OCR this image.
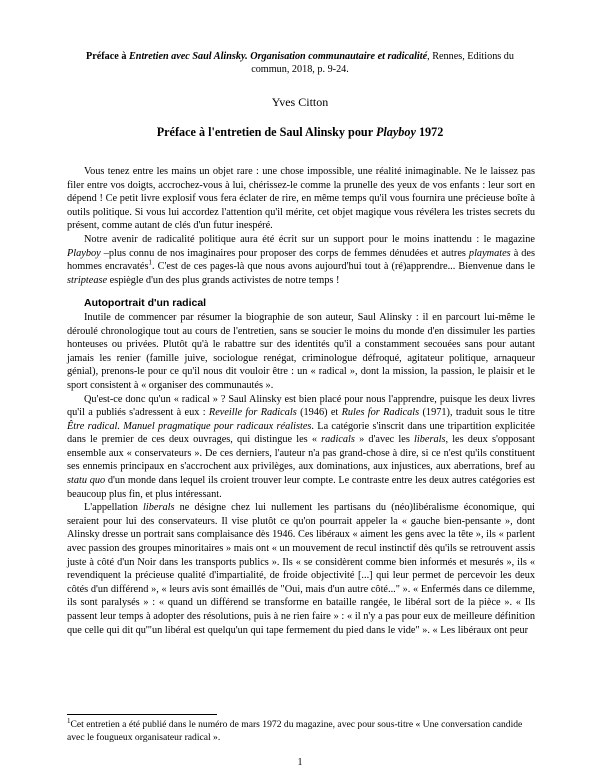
Préface à Entretien avec Saul Alinsky. Organisation communautaire et radicalité, Rennes, Editions du commun, 2018, p. 9-24.
Yves Citton
Préface à l'entretien de Saul Alinsky pour Playboy 1972

Vous tenez entre les mains un objet rare : une chose impossible, une réalité inimaginable. Ne le laissez pas filer entre vos doigts, accrochez-vous à lui, chérissez-le comme la prunelle des yeux de vos enfants : leur sort en dépend ! Ce petit livre explosif vous fera éclater de rire, en même temps qu'il vous fournira une précieuse boîte à outils politique. Si vous lui accordez l'attention qu'il mérite, cet objet magique vous révélera les tristes secrets du présent, comme autant de clés d'un futur inespéré.

Notre avenir de radicalité politique aura été écrit sur un support pour le moins inattendu : le magazine Playboy –plus connu de nos imaginaires pour proposer des corps de femmes dénudées et autres playmates à des hommes encravatés$^1$. C'est de ces pages-là que nous avons aujourd'hui tout à (ré)apprendre... Bienvenue dans le striptease espiègle d'un des plus grands activistes de notre temps !

Autoportrait d'un radical

Inutile de commencer par résumer la biographie de son auteur, Saul Alinsky : il en parcourt lui-même le déroulé chronologique tout au cours de l'entretien, sans se soucier le moins du monde d'en dissimuler les parties honteuses ou privées. Plutôt qu'à le rabattre sur des identités qu'il a constamment secouées sans pour autant jamais les renier (famille juive, sociologue renégat, criminologue défroqué, agitateur politique, arnaqueur génial), prenons-le pour ce qu'il nous dit vouloir être : un « radical », dont la mission, la passion, le plaisir et le sport consistent à « organiser des communautés ».

Qu'est-ce donc qu'un « radical » ? Saul Alinsky est bien placé pour nous l'apprendre, puisque les deux livres qu'il a publiés s'adressent à eux : Reveille for Radicals (1946) et Rules for Radicals (1971), traduit sous le titre Être radical. Manuel pragmatique pour radicaux réalistes. La catégorie s'inscrit dans une tripartition explicitée dans le premier de ces deux ouvrages, qui distingue les « radicals » d'avec les liberals, les deux s'opposant ensemble aux « conservateurs ». De ces derniers, l'auteur n'a pas grand-chose à dire, si ce n'est qu'ils constituent ses ennemis principaux en s'accrochent aux privilèges, aux dominations, aux injustices, aux aberrations, bref au statu quo d'un monde dans lequel ils croient trouver leur compte. Le contraste entre les deux autres catégories est beaucoup plus fin, et plus intéressant.

L'appellation liberals ne désigne chez lui nullement les partisans du (néo)libéralisme économique, qui seraient pour lui des conservateurs. Il vise plutôt ce qu'on pourrait appeler la « gauche bien-pensante », dont Alinsky dresse un portrait sans complaisance dès 1946. Ces libéraux « aiment les gens avec la tête », ils « parlent avec passion des groupes minoritaires » mais ont « un mouvement de recul instinctif dès qu'ils se retrouvent assis juste à côté d'un Noir dans les transports publics ». Ils « se considèrent comme bien informés et mesurés », ils « revendiquent la précieuse qualité d'impartialité, de froide objectivité [...] qui leur permet de percevoir les deux côtés d'un différend », « leurs avis sont émaillés de "Oui, mais d'un autre côté..." ». « Enfermés dans ce dilemme, ils sont paralysés » : « quand un différend se transforme en bataille rangée, le libéral sort de la pièce ». « Ils passent leur temps à adopter des résolutions, puis à ne rien faire » : « il n'y a pas pour eux de meilleure définition que celle qui dit qu'"un libéral est quelqu'un qui tape fermement du pied dans le vide" ». « Les libéraux ont peur

$^1$Cet entretien a été publié dans le numéro de mars 1972 du magazine, avec pour sous-titre « Une conversation candide avec le fougueux organisateur radical ».
1
